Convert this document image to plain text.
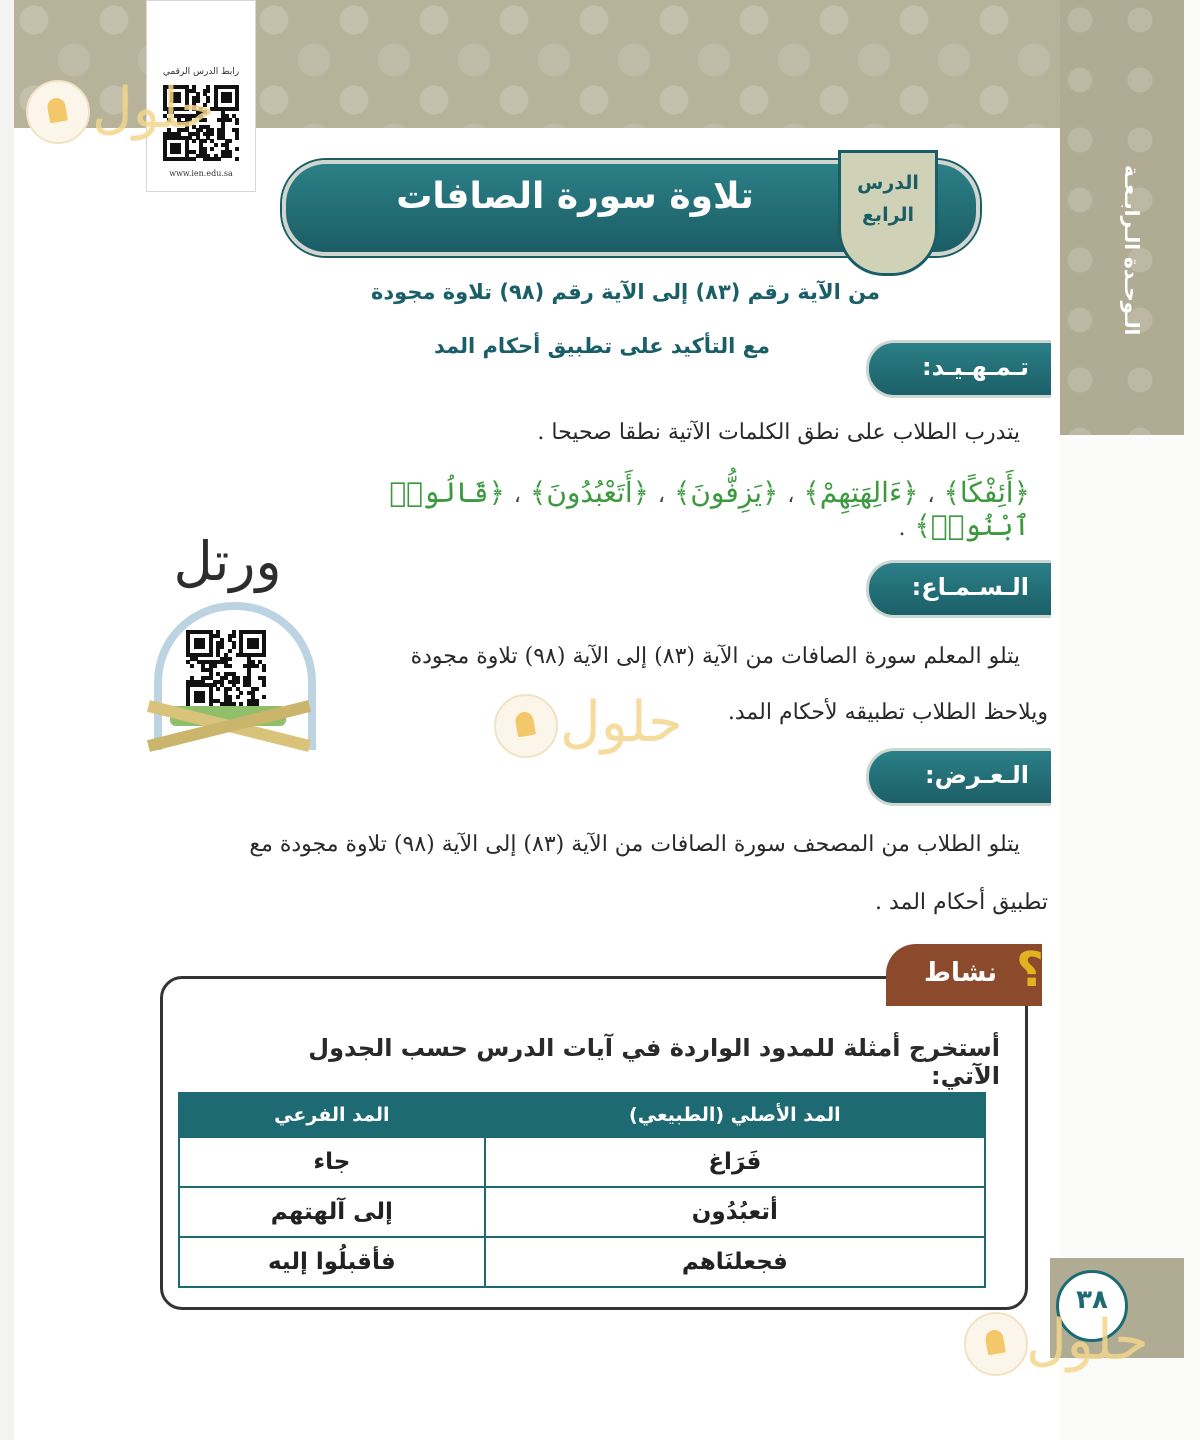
الـوحـدة الـرابـعـة
رابط الدرس الرقمي
www.ien.edu.sa
حلول
تلاوة سورة الصافات	الدرس
الرابع
من الآية رقم (٨٣) إلى الآية رقم (٩٨) تلاوة مجودة
مع التأكيد على تطبيق أحكام المد
تـمـهـيـد:
يتدرب الطلاب على نطق الكلمات الآتية نطقا صحيحا .
﴿أَئِفْكًا﴾ ، ﴿ءَالِهَتِهِمْ﴾ ، ﴿يَزِفُّونَ﴾ ، ﴿أَتَعْبُدُونَ﴾ ، ﴿قَالُوا۟ ٱبْنُوا۟﴾ .
الـسـمـاع:
يتلو المعلم سورة الصافات من الآية (٨٣) إلى الآية (٩٨) تلاوة مجودة
ويلاحظ الطلاب تطبيقه لأحكام المد.
ورتل
حلول
الـعـرض:
يتلو الطلاب من المصحف سورة الصافات من الآية (٨٣) إلى الآية (٩٨) تلاوة مجودة مع
تطبيق أحكام المد .
نشاط ؟
أستخرج أمثلة للمدود الواردة في آيات الدرس حسب الجدول الآتي:
المد الأصلي (الطبيعي)	المد الفرعي
فَرَاغ	جاء
أتعبُدُون	إلى آلهتهم
فجعلنَاهم	فأقبلُوا إليه
٣٨
حلول
